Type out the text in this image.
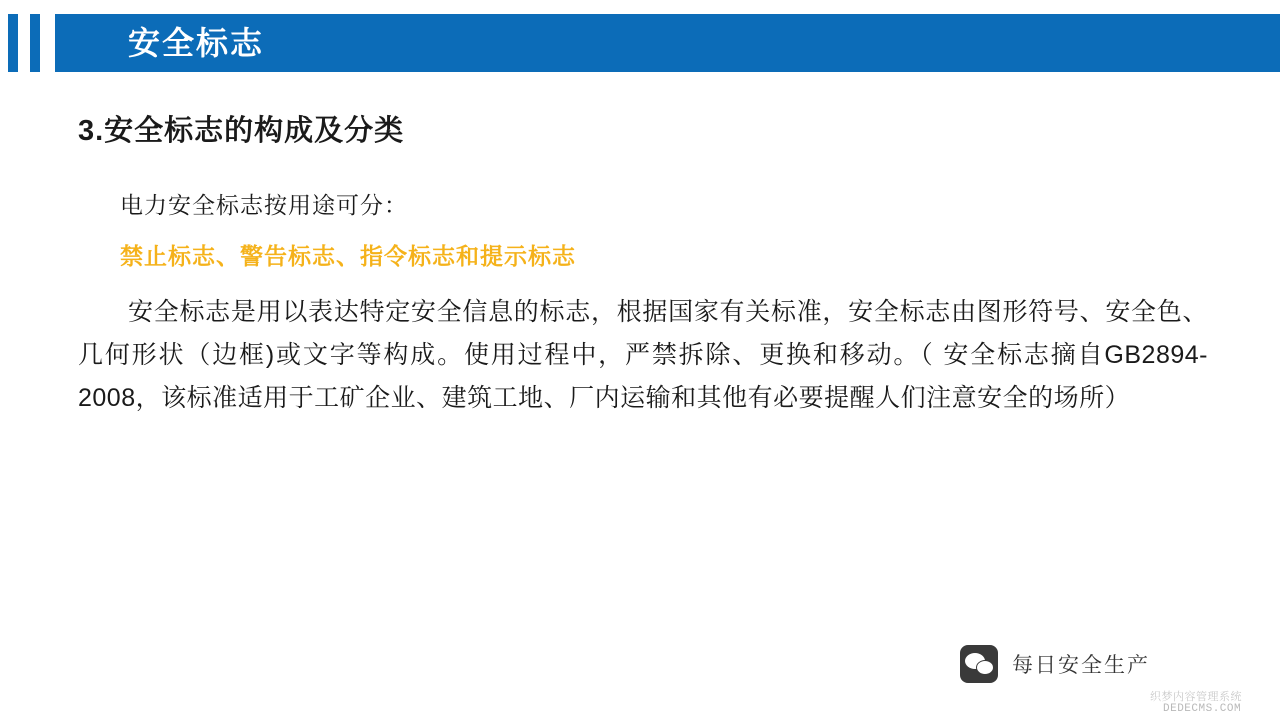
安全标志
3.安全标志的构成及分类
电力安全标志按用途可分：
禁止标志、警告标志、指令标志和提示标志
安全标志是用以表达特定安全信息的标志，根据国家有关标准，安全标志由图形符号、安全色、几何形状（边框)或文字等构成。使用过程中，严禁拆除、更换和移动。（ 安全标志摘自GB2894-2008，该标准适用于工矿企业、建筑工地、厂内运输和其他有必要提醒人们注意安全的场所）
每日安全生产
织梦内容管理系统
DEDECMS.COM
